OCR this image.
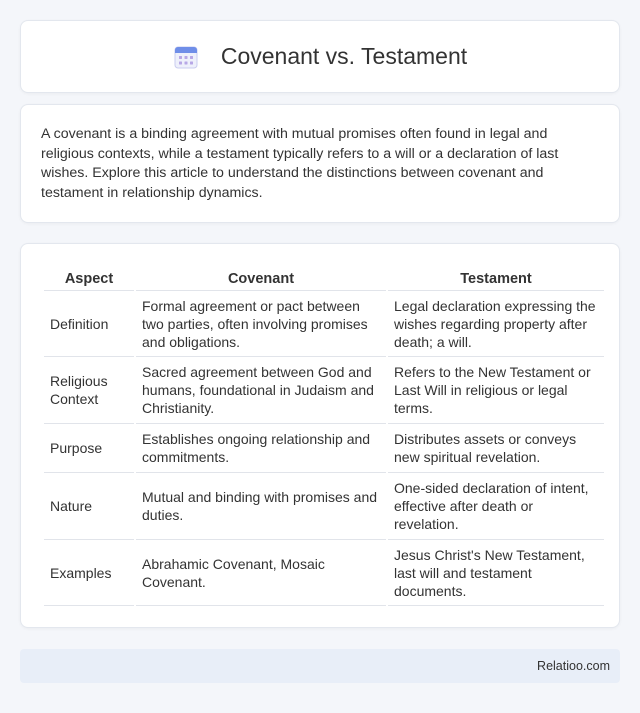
Covenant vs. Testament

A covenant is a binding agreement with mutual promises often found in legal and religious contexts, while a testament typically refers to a will or a declaration of last wishes. Explore this article to understand the distinctions between covenant and testament in relationship dynamics.

Aspect	Covenant	Testament
Definition	Formal agreement or pact between two parties, often involving promises and obligations.	Legal declaration expressing the wishes regarding property after death; a will.
Religious Context	Sacred agreement between God and humans, foundational in Judaism and Christianity.	Refers to the New Testament or Last Will in religious or legal terms.
Purpose	Establishes ongoing relationship and commitments.	Distributes assets or conveys new spiritual revelation.
Nature	Mutual and binding with promises and duties.	One-sided declaration of intent, effective after death or revelation.
Examples	Abrahamic Covenant, Mosaic Covenant.	Jesus Christ's New Testament, last will and testament documents.
Relatioo.com
